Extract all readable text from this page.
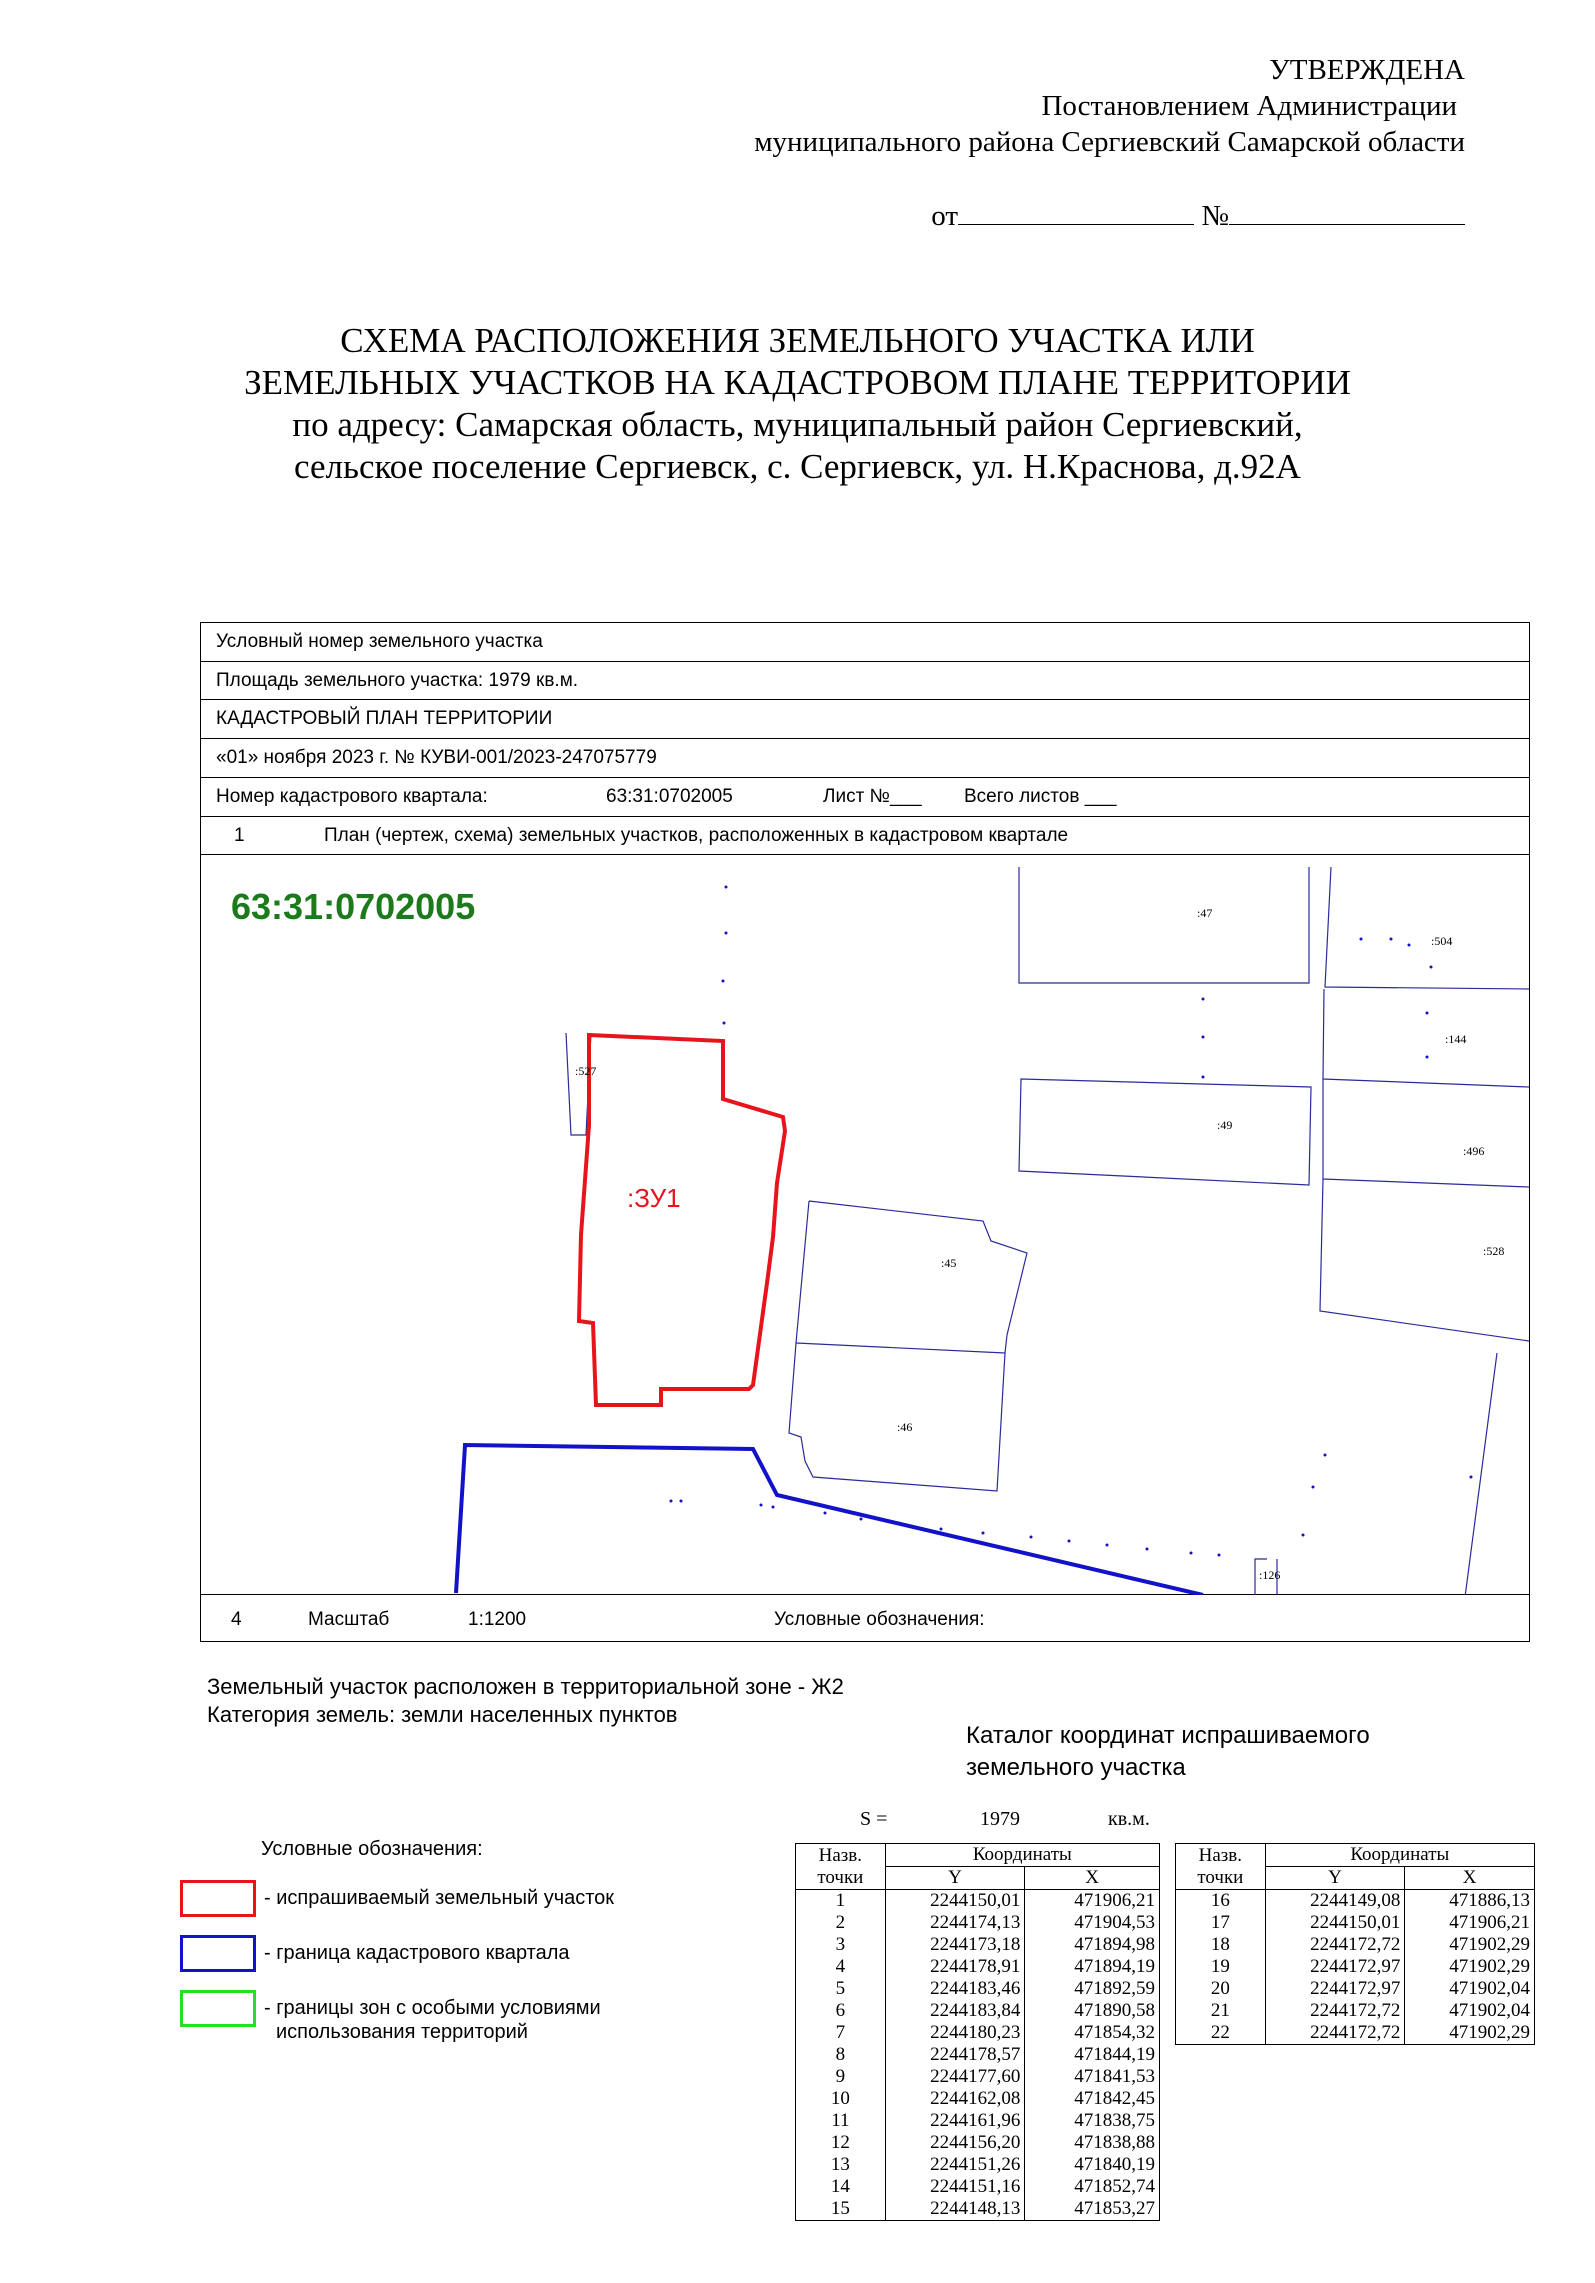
УТВЕРЖДЕНА
Постановлением Администрации
муниципального района Сергиевский Самарской области
от	№
СХЕМА РАСПОЛОЖЕНИЯ ЗЕМЕЛЬНОГО УЧАСТКА ИЛИ
ЗЕМЕЛЬНЫХ УЧАСТКОВ НА КАДАСТРОВОМ ПЛАНЕ ТЕРРИТОРИИ
по адресу: Самарская область, муниципальный район Сергиевский,
сельское поселение Сергиевск, с. Сергиевск, ул. Н.Краснова, д.92А
Условный номер земельного участка
Площадь земельного участка: 1979 кв.м.
КАДАСТРОВЫЙ ПЛАН ТЕРРИТОРИИ
«01» ноября 2023 г. № КУВИ-001/2023-247075779
Номер кадастрового квартала:	63:31:0702005	Лист №___ Всего листов ___
1	План (чертеж, схема) земельных участков, расположенных в кадастровом квартале
63:31:0702005
:ЗУ1
:47
:504
:144
:49
:496
:527
:45
:528
:46
:126
4	Масштаб	1:1200	Условные обозначения:
Земельный участок расположен в территориальной зоне - Ж2
Категория земель: земли населенных пунктов
Каталог координат испрашиваемого
земельного участка
S =	1979	кв.м.
Назв.
точки	Координаты	
	Y	X
1	2244150,01	471906,21
2	2244174,13	471904,53
3	2244173,18	471894,98
4	2244178,91	471894,19
5	2244183,46	471892,59
6	2244183,84	471890,58
7	2244180,23	471854,32
8	2244178,57	471844,19
9	2244177,60	471841,53
10	2244162,08	471842,45
11	2244161,96	471838,75
12	2244156,20	471838,88
13	2244151,26	471840,19
14	2244151,16	471852,74
15	2244148,13	471853,27
Назв.
точки	Координаты	
	Y	X
16	2244149,08	471886,13
17	2244150,01	471906,21
18	2244172,72	471902,29
19	2244172,97	471902,29
20	2244172,97	471902,04
21	2244172,72	471902,04
22	2244172,72	471902,29
Условные обозначения:
- испрашиваемый земельный участок
- граница кадастрового квартала
- границы зон с особыми условиями
использования территорий
